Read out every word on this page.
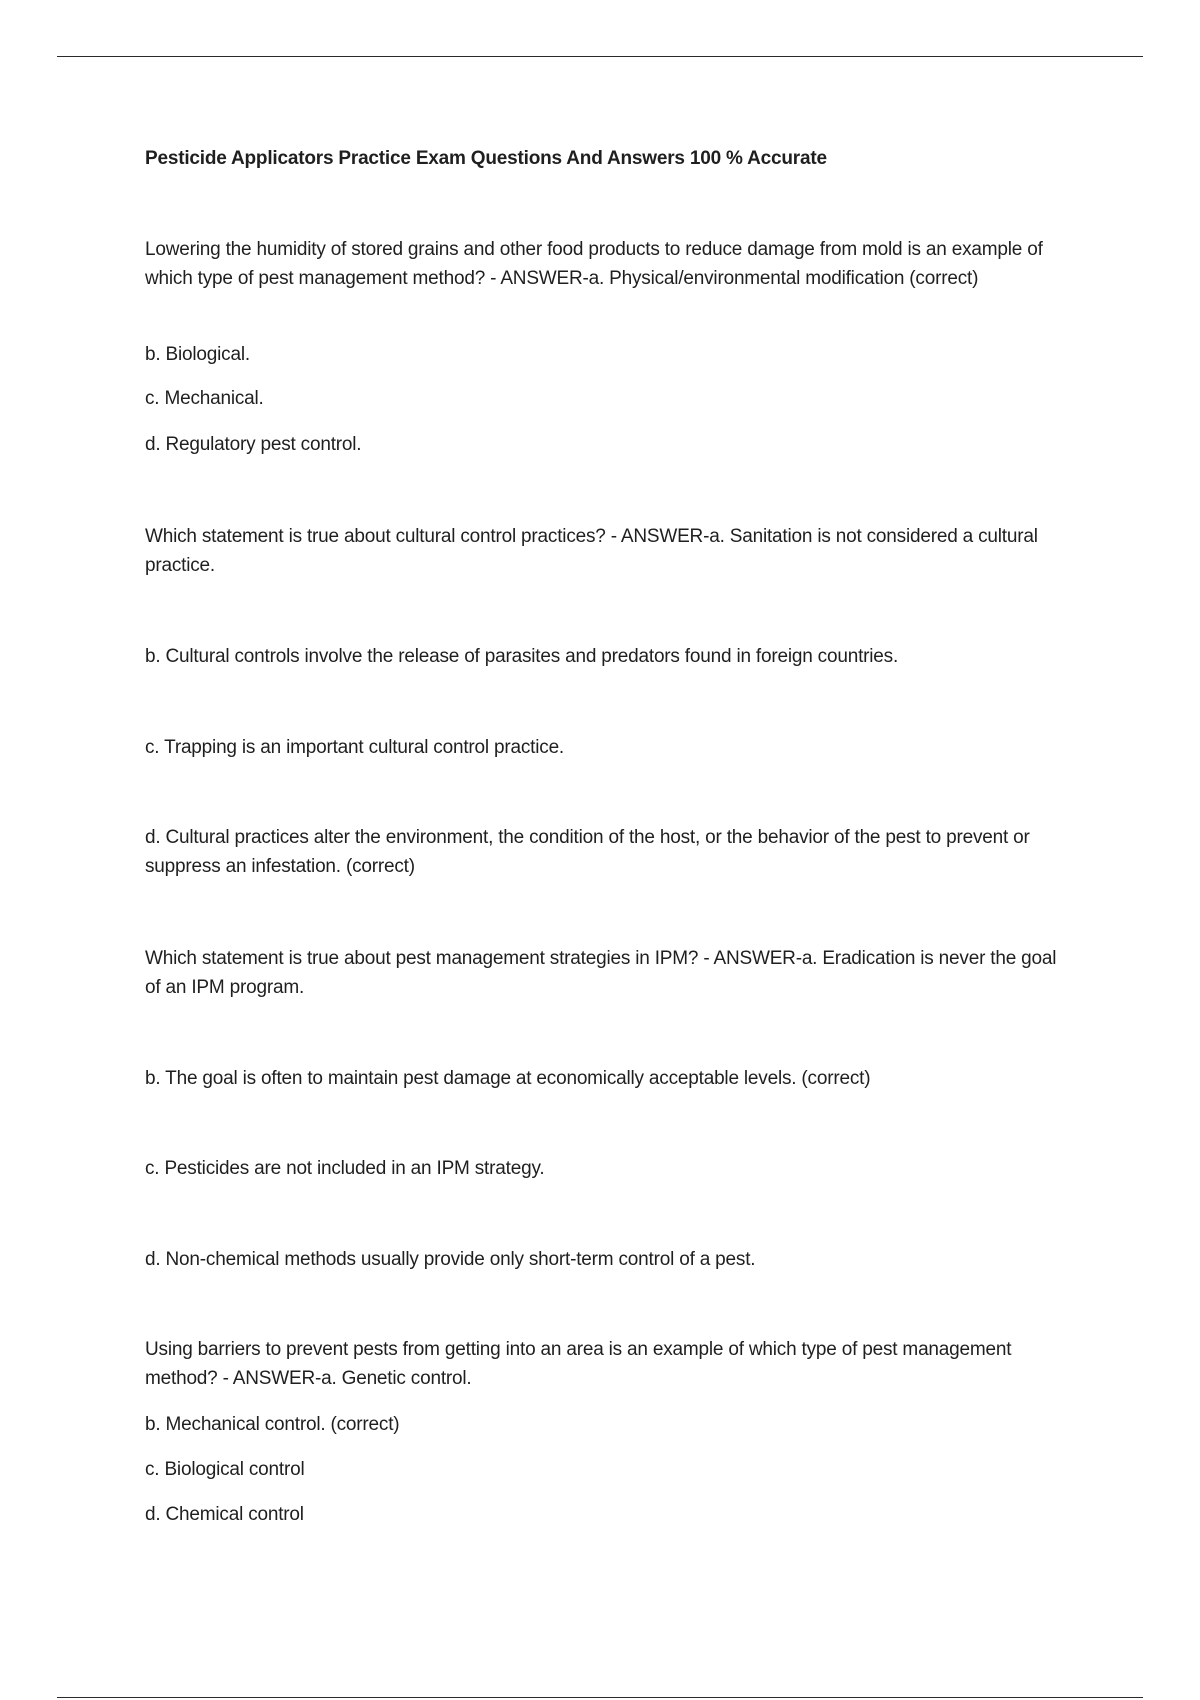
Pesticide Applicators Practice Exam Questions And Answers 100 % Accurate

Lowering the humidity of stored grains and other food products to reduce damage from mold is an example of which type of pest management method? - ANSWER-a. Physical/environmental modification (correct)

b. Biological.

c. Mechanical.

d. Regulatory pest control.

Which statement is true about cultural control practices? - ANSWER-a. Sanitation is not considered a cultural practice.

b. Cultural controls involve the release of parasites and predators found in foreign countries.

c. Trapping is an important cultural control practice.

d. Cultural practices alter the environment, the condition of the host, or the behavior of the pest to prevent or suppress an infestation. (correct)

Which statement is true about pest management strategies in IPM? - ANSWER-a. Eradication is never the goal of an IPM program.

b. The goal is often to maintain pest damage at economically acceptable levels. (correct)

c. Pesticides are not included in an IPM strategy.

d. Non-chemical methods usually provide only short-term control of a pest.

Using barriers to prevent pests from getting into an area is an example of which type of pest management method? - ANSWER-a. Genetic control.

b. Mechanical control. (correct)

c. Biological control

d. Chemical control
